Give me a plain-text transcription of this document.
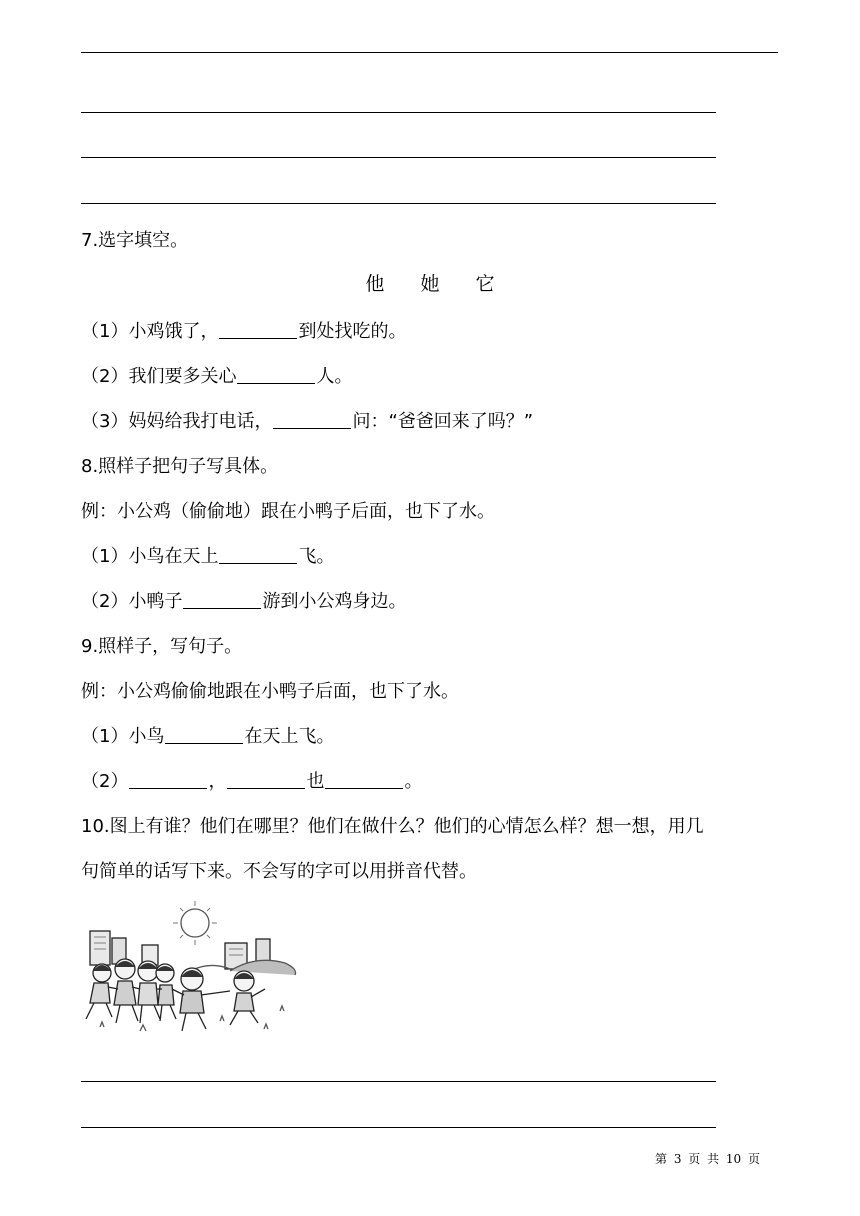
7.选字填空。
他 她 它
（1）小鸡饿了，	到处找吃的。
（2）我们要多关心	人。
（3）妈妈给我打电话，	问：“爸爸回来了吗？”
8.照样子把句子写具体。
例：小公鸡（偷偷地）跟在小鸭子后面，也下了水。
（1）小鸟在天上	飞。
（2）小鸭子	游到小公鸡身边。
9.照样子，写句子。
例：小公鸡偷偷地跟在小鸭子后面，也下了水。
（1）小鸟	在天上飞。
（2）	，	也	。
10.图上有谁？他们在哪里？他们在做什么？他们的心情怎么样？想一想，用几
句简单的话写下来。不会写的字可以用拼音代替。
第 3 页 共 10 页
